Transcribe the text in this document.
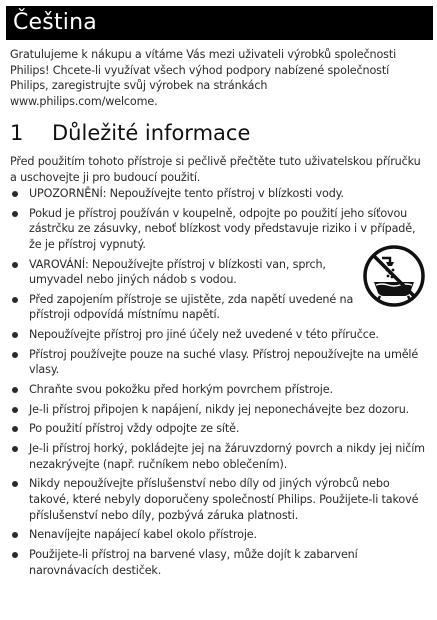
Čeština

Gratulujeme k nákupu a vítáme Vás mezi uživateli výrobků společnosti Philips! Chcete-li využívat všech výhod podpory nabízené společností Philips, zaregistrujte svůj výrobek na stránkách
www.philips.com/welcome.

1 Důležité informace

Před použitím tohoto přístroje si pečlivě přečtěte tuto uživatelskou příručku a uschovejte ji pro budoucí použití.

UPOZORNĚNÍ: Nepoužívejte tento přístroj v blízkosti vody.
Pokud je přístroj používán v koupelně, odpojte po použití jeho síťovou zástrčku ze zásuvky, neboť blízkost vody představuje riziko i v případě, že je přístroj vypnutý.
VAROVÁNÍ: Nepoužívejte přístroj v blízkosti van, sprch, umyvadel nebo jiných nádob s vodou.
Před zapojením přístroje se ujistěte, zda napětí uvedené na přístroji odpovídá místnímu napětí.
Nepoužívejte přístroj pro jiné účely než uvedené v této příručce.
Přístroj používejte pouze na suché vlasy. Přístroj nepoužívejte na umělé vlasy.
Chraňte svou pokožku před horkým povrchem přístroje.
Je-li přístroj připojen k napájení, nikdy jej neponechávejte bez dozoru.
Po použití přístroj vždy odpojte ze sítě.
Je-li přístroj horký, pokládejte jej na žáruvzdorný povrch a nikdy jej ničím nezakrývejte (např. ručníkem nebo oblečením).
Nikdy nepoužívejte příslušenství nebo díly od jiných výrobců nebo takové, které nebyly doporučeny společností Philips. Použijete-li takové příslušenství nebo díly, pozbývá záruka platnosti.
Nenavíjejte napájecí kabel okolo přístroje.
Použijete-li přístroj na barvené vlasy, může dojít k zabarvení narovnávacích destiček.
